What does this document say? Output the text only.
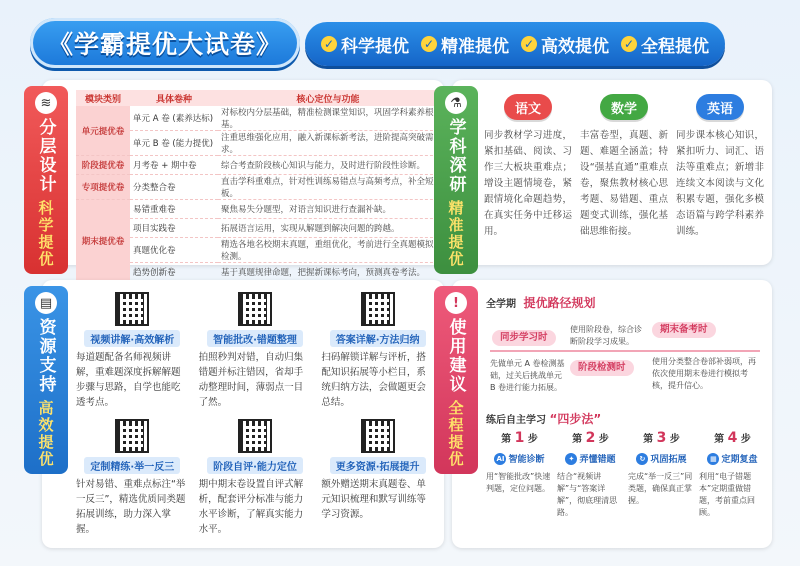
《学霸提优大试卷》	✓ 科学提优 ✓ 精准提优 ✓ 高效提优 ✓ 全程提优
≋
分层设计
科学提优
模块类别	具体卷种	核心定位与功能
单元提优卷	单元 A 卷 (素养达标)	对标校内分层基础，精准检测课堂知识，巩固学科素养根基。
	单元 B 卷 (能力提优)	注重思维强化应用，融入新课标新考法，进阶提高突破需求。
阶段提优卷	月考卷 + 期中卷	综合考查阶段核心知识与能力，及时进行阶段性诊断。
专项提优卷	分类整合卷	直击学科重难点，针对性训练易错点与高频考点，补全短板。
期末提优卷	易错重难卷	聚焦易失分题型，对语言知识进行查漏补缺。
	项目实践卷	拓展语言运用，实现从解题到解决问题的跨越。
	真题优化卷	精选各地名校期末真题，重组优化，考前进行全真题模拟检测。
	趋势创新卷	基于真题规律命题，把握新课标考向，预测真卷考法。
⚗
学科深研
精准提优
语文

同步教材学习进度，紧扣基础、阅读、习作三大板块重难点；增设主题情境卷，紧跟情境化命题趋势，在真实任务中迁移运用。

数学

丰富卷型，真题、新题、难题全涵盖；特设“强基直通”重难点卷，聚焦教材核心思考题、易错题、重点题变式训练，强化基础思维衔接。

英语

同步课本核心知识，紧扣听力、词汇、语法等重难点；新增非连续文本阅读与文化积累专题，强化多模态语篇与跨学科素养训练。

▤
资源支持
高效提优
视频讲解·高效解析
每道题配备名师视频讲解，重难题深度拆解解题步骤与思路，自学也能吃透考点。
智能批改·错题整理
拍照秒判对错，自动归集错题并标注错因，省却手动整理时间，薄弱点一目了然。
答案详解·方法归纳
扫码解锁详解与评析，搭配知识拓展等小栏目，系统归纳方法，会做题更会总结。
定制精练·举一反三
针对易错、重难点标注“举一反三”，精选优质同类题拓展训练，助力深入掌握。
阶段自评·能力定位
期中期末卷设置自评式解析，配套评分标准与能力水平诊断，了解真实能力水平。
更多资源·拓展提升
额外赠送期末真题卷、单元知识梳理和默写训练等学习资源。
!
使用建议
全程提优
全学期 提优路径规划
同步学习时
阶段检测时
期末备考时
先做单元 A 卷检测基础，过关后挑战单元 B 卷进行能力拓展。
使用阶段卷，综合诊断阶段学习成果。
使用分类整合卷部补弱项，再依次使用期末卷进行模拟考核，提升信心。
练后自主学习 “四步法”
第 1 步
AI 智能诊断
用“智能批改”快速判题，定位问题。
第 2 步
✦ 弄懂错题
结合“视频讲解”与“答案详解”，彻底理清思路。
第 3 步
↻ 巩固拓展
完成“举一反三”同类题，确保真正掌握。
第 4 步
▦ 定期复盘
利用“电子错题本”定期重做错题，考前重点回顾。
